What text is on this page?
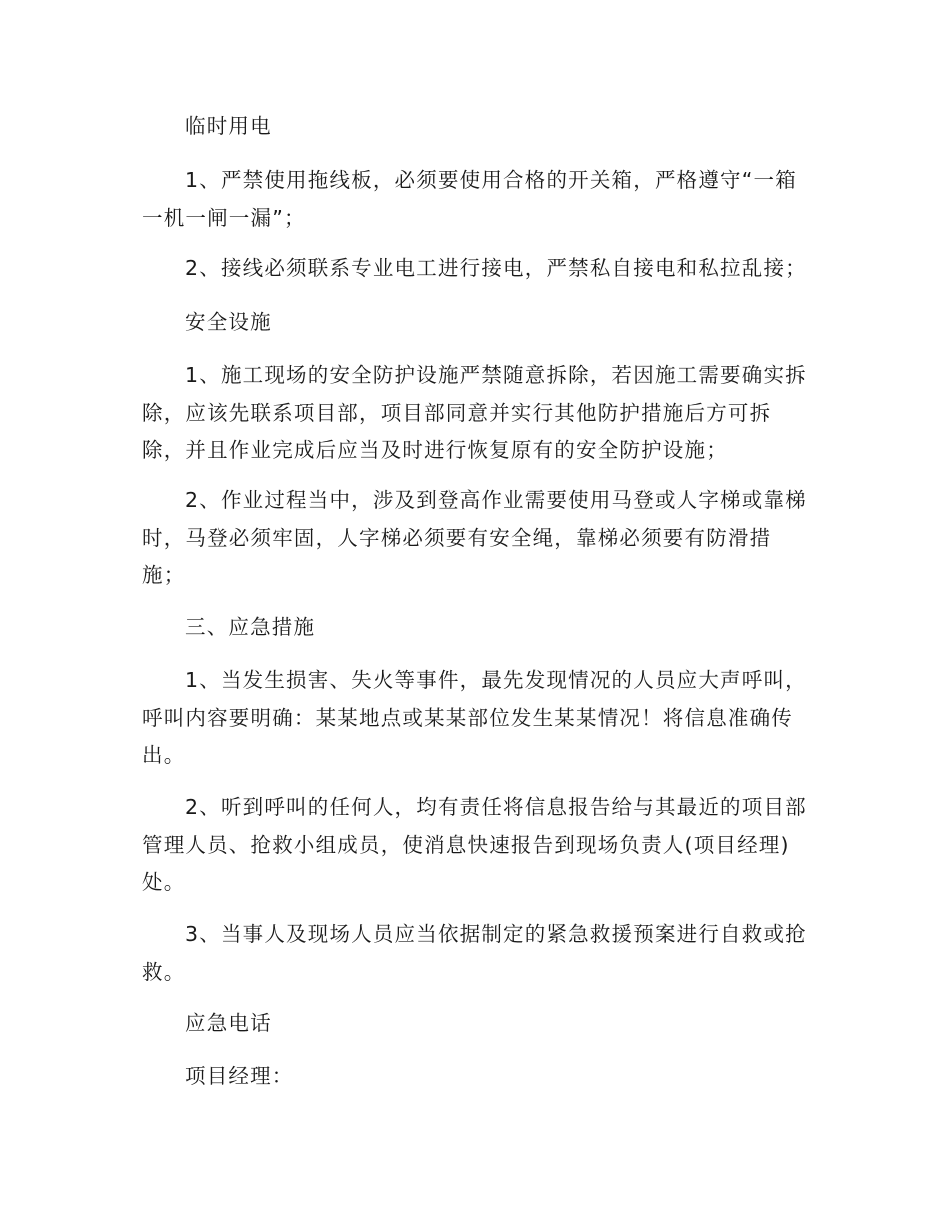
临时用电

1、严禁使用拖线板，必须要使用合格的开关箱，严格遵守“一箱
一机一闸一漏”；

2、接线必须联系专业电工进行接电，严禁私自接电和私拉乱接；

安全设施

1、施工现场的安全防护设施严禁随意拆除，若因施工需要确实拆
除，应该先联系项目部，项目部同意并实行其他防护措施后方可拆
除，并且作业完成后应当及时进行恢复原有的安全防护设施；

2、作业过程当中，涉及到登高作业需要使用马登或人字梯或靠梯
时，马登必须牢固，人字梯必须要有安全绳，靠梯必须要有防滑措
施；

三、应急措施

1、当发生损害、失火等事件，最先发现情况的人员应大声呼叫，
呼叫内容要明确：某某地点或某某部位发生某某情况！将信息准确传
出。

2、听到呼叫的任何人，均有责任将信息报告给与其最近的项目部
管理人员、抢救小组成员，使消息快速报告到现场负责人(项目经理)
处。

3、当事人及现场人员应当依据制定的紧急救援预案进行自救或抢
救。

应急电话

项目经理：
